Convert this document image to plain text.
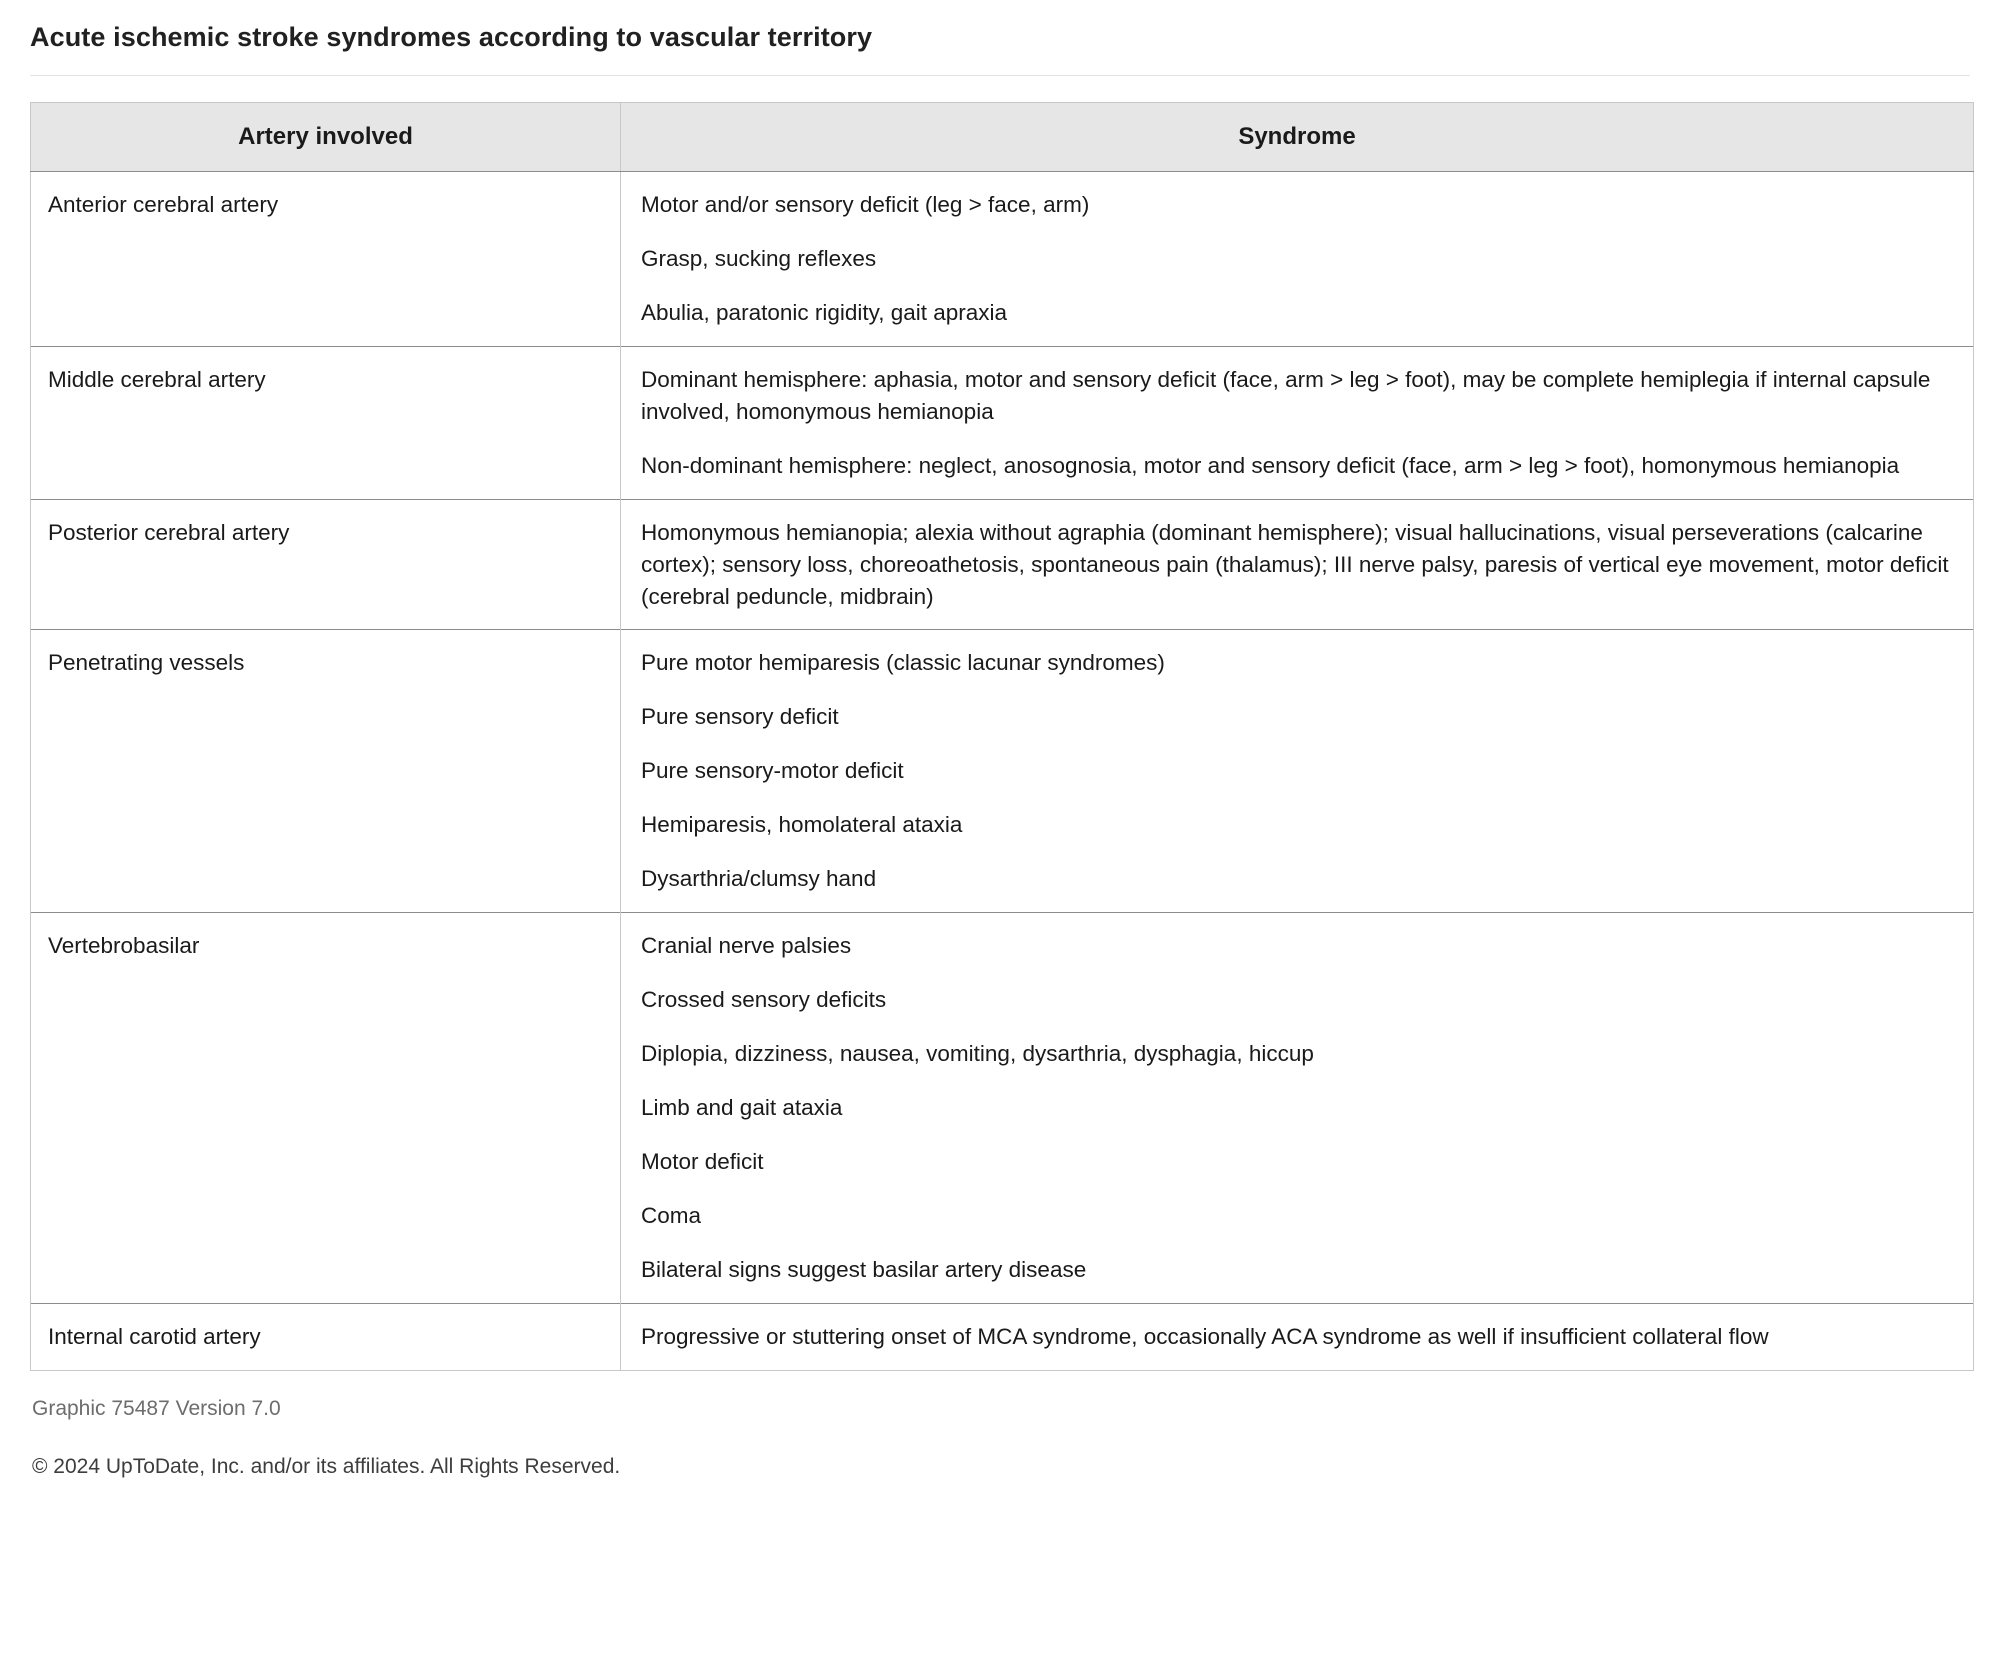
Acute ischemic stroke syndromes according to vascular territory
Artery involved	Syndrome
Anterior cerebral artery	Motor and/or sensory deficit (leg > face, arm)

Grasp, sucking reflexes

Abulia, paratonic rigidity, gait apraxia

Middle cerebral artery	Dominant hemisphere: aphasia, motor and sensory deficit (face, arm > leg > foot), may be complete hemiplegia if internal capsule involved, homonymous hemianopia

Non-dominant hemisphere: neglect, anosognosia, motor and sensory deficit (face, arm > leg > foot), homonymous hemianopia

Posterior cerebral artery	Homonymous hemianopia; alexia without agraphia (dominant hemisphere); visual hallucinations, visual perseverations (calcarine cortex); sensory loss, choreoathetosis, spontaneous pain (thalamus); III nerve palsy, paresis of vertical eye movement, motor deficit (cerebral peduncle, midbrain)

Penetrating vessels	Pure motor hemiparesis (classic lacunar syndromes)

Pure sensory deficit

Pure sensory-motor deficit

Hemiparesis, homolateral ataxia

Dysarthria/clumsy hand

Vertebrobasilar	Cranial nerve palsies

Crossed sensory deficits

Diplopia, dizziness, nausea, vomiting, dysarthria, dysphagia, hiccup

Limb and gait ataxia

Motor deficit

Coma

Bilateral signs suggest basilar artery disease

Internal carotid artery	Progressive or stuttering onset of MCA syndrome, occasionally ACA syndrome as well if insufficient collateral flow

Graphic 75487 Version 7.0
© 2024 UpToDate, Inc. and/or its affiliates. All Rights Reserved.
